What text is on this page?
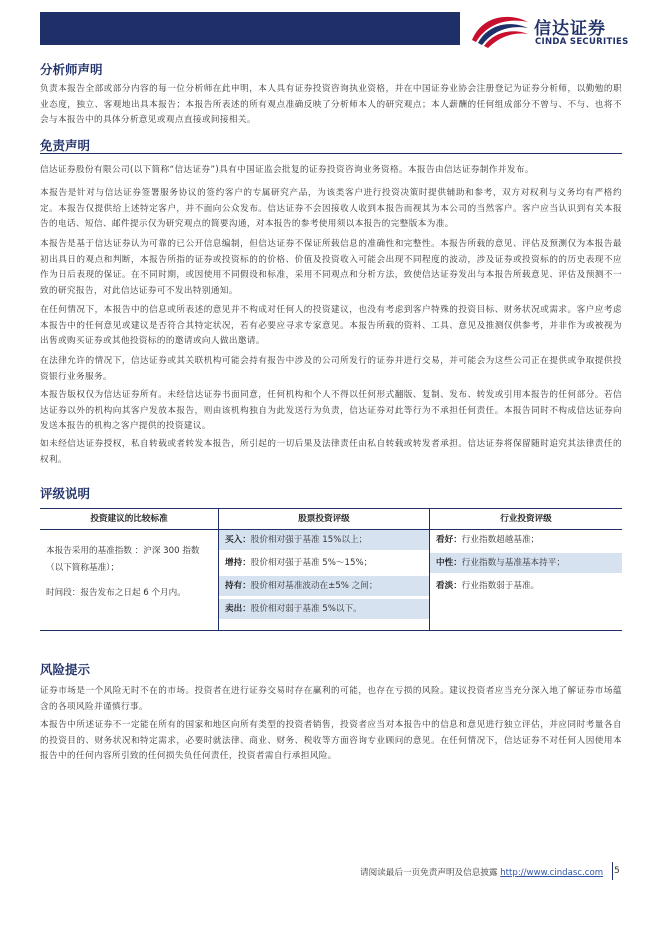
信达证券
CINDA SECURITIES
分析师声明
负责本报告全部或部分内容的每一位分析师在此申明，本人具有证券投资咨询执业资格，并在中国证券业协会注册登记为证券分析师，以勤勉的职业态度，独立、客观地出具本报告；本报告所表述的所有观点准确反映了分析师本人的研究观点；本人薪酬的任何组成部分不曾与、不与、也将不会与本报告中的具体分析意见或观点直接或间接相关。
免责声明
信达证券股份有限公司(以下简称“信达证券”)具有中国证监会批复的证券投资咨询业务资格。本报告由信达证券制作并发布。
本报告是针对与信达证券签署服务协议的签约客户的专属研究产品，为该类客户进行投资决策时提供辅助和参考，双方对权利与义务均有严格约定。本报告仅提供给上述特定客户，并不面向公众发布。信达证券不会因接收人收到本报告而视其为本公司的当然客户。客户应当认识到有关本报告的电话、短信、邮件提示仅为研究观点的简要沟通，对本报告的参考使用须以本报告的完整版本为准。
本报告是基于信达证券认为可靠的已公开信息编制，但信达证券不保证所载信息的准确性和完整性。本报告所载的意见、评估及预测仅为本报告最初出具日的观点和判断，本报告所指的证券或投资标的的价格、价值及投资收入可能会出现不同程度的波动，涉及证券或投资标的的历史表现不应作为日后表现的保证。在不同时期，或因使用不同假设和标准，采用不同观点和分析方法，致使信达证券发出与本报告所载意见、评估及预测不一致的研究报告，对此信达证券可不发出特别通知。
在任何情况下，本报告中的信息或所表述的意见并不构成对任何人的投资建议，也没有考虑到客户特殊的投资目标、财务状况或需求。客户应考虑本报告中的任何意见或建议是否符合其特定状况，若有必要应寻求专家意见。本报告所载的资料、工具、意见及推测仅供参考，并非作为或被视为出售或购买证券或其他投资标的的邀请或向人做出邀请。
在法律允许的情况下，信达证券或其关联机构可能会持有报告中涉及的公司所发行的证券并进行交易，并可能会为这些公司正在提供或争取提供投资银行业务服务。
本报告版权仅为信达证券所有。未经信达证券书面同意，任何机构和个人不得以任何形式翻版、复制、发布、转发或引用本报告的任何部分。若信达证券以外的机构向其客户发放本报告，则由该机构独自为此发送行为负责，信达证券对此等行为不承担任何责任。本报告同时不构成信达证券向发送本报告的机构之客户提供的投资建议。
如未经信达证券授权，私自转载或者转发本报告，所引起的一切后果及法律责任由私自转载或转发者承担。信达证券将保留随时追究其法律责任的权利。
评级说明
投资建议的比较标准	股票投资评级	行业投资评级
本报告采用的基准指数 ：沪深 300 指数（以下简称基准）；
时间段：报告发布之日起 6 个月内。
买入：股价相对强于基准 15%以上；
增持：股价相对强于基准 5%～15%；
持有：股价相对基准波动在±5% 之间；
卖出：股价相对弱于基准 5%以下。
看好：行业指数超越基准；
中性：行业指数与基准基本持平；
看淡：行业指数弱于基准。
风险提示
证券市场是一个风险无时不在的市场。投资者在进行证券交易时存在赢利的可能，也存在亏损的风险。建议投资者应当充分深入地了解证券市场蕴含的各项风险并谨慎行事。
本报告中所述证券不一定能在所有的国家和地区向所有类型的投资者销售，投资者应当对本报告中的信息和意见进行独立评估，并应同时考量各自的投资目的、财务状况和特定需求，必要时就法律、商业、财务、税收等方面咨询专业顾问的意见。在任何情况下，信达证券不对任何人因使用本报告中的任何内容所引致的任何损失负任何责任，投资者需自行承担风险。
请阅读最后一页免责声明及信息披露 http://www.cindasc.com 5
